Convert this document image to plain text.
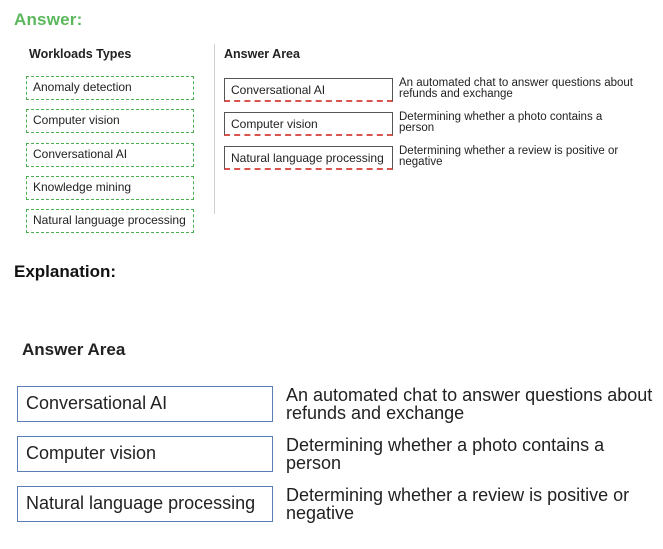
Answer:
Workloads Types	Answer Area
Anomaly detection
Computer vision
Conversational AI
Knowledge mining
Natural language processing
Conversational AI	An automated chat to answer questions about refunds and exchange
Computer vision	Determining whether a photo contains a person
Natural language processing	Determining whether a review is positive or negative
Explanation:
Answer Area
Conversational AI	An automated chat to answer questions about refunds and exchange
Computer vision	Determining whether a photo contains a person
Natural language processing	Determining whether a review is positive or negative
